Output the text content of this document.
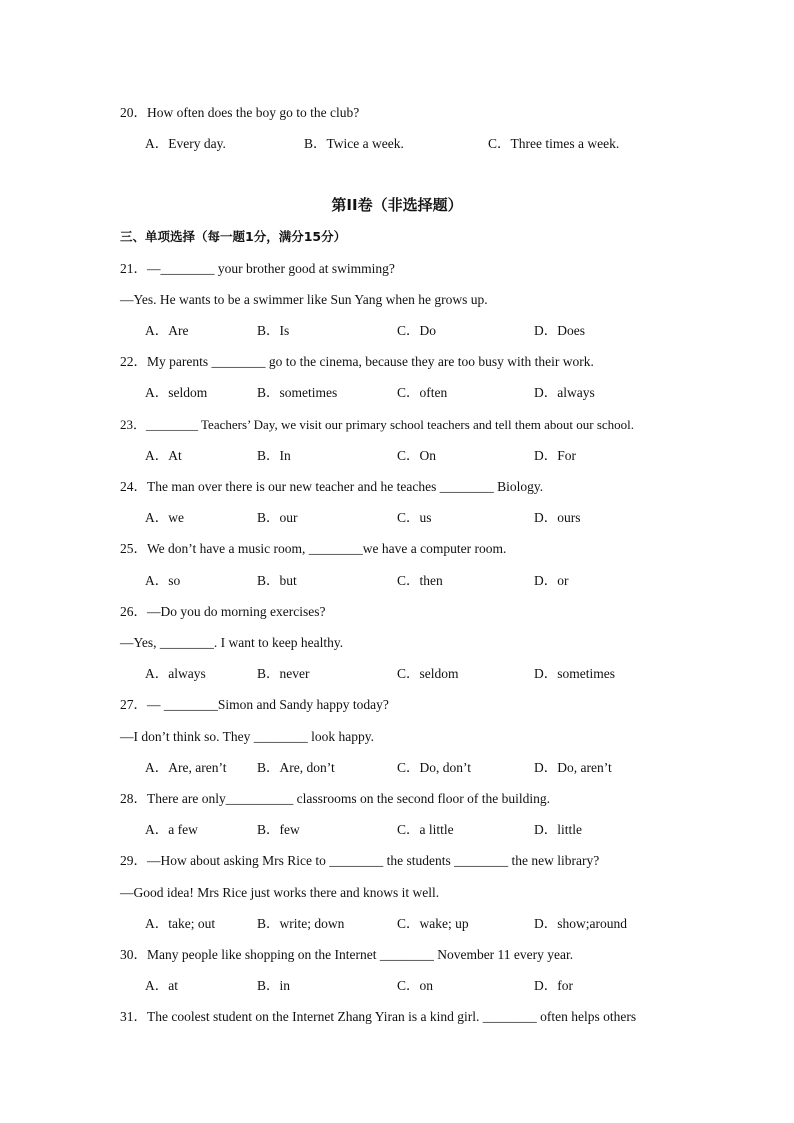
20．How often does the boy go to the club?
A．Every day.	B．Twice a week.	C．Three times a week.
第II卷（非选择题）
三、单项选择（每一题1分，满分15分）
21．—________ your brother good at swimming?
—Yes. He wants to be a swimmer like Sun Yang when he grows up.
A．Are	B．Is	C．Do	D．Does
22．My parents ________ go to the cinema, because they are too busy with their work.
A．seldom	B．sometimes	C．often	D．always
23．________ Teachers’ Day, we visit our primary school teachers and tell them about our school.
A．At	B．In	C．On	D．For
24．The man over there is our new teacher and he teaches ________ Biology.
A．we	B．our	C．us	D．ours
25．We don’t have a music room, ________we have a computer room.
A．so	B．but	C．then	D．or
26．—Do you do morning exercises?
—Yes, ________. I want to keep healthy.
A．always	B．never	C．seldom	D．sometimes
27．— ________Simon and Sandy happy today?
—I don’t think so. They ________ look happy.
A．Are, aren’t B．Are, don’t	C．Do, don’t	D．Do, aren’t
28．There are only__________ classrooms on the second floor of the building.
A．a few	B．few	C．a little	D．little
29．—How about asking Mrs Rice to ________ the students ________ the new library?
—Good idea! Mrs Rice just works there and knows it well.
A．take; out	B．write; down	C．wake; up	D．show;around
30．Many people like shopping on the Internet ________ November 11 every year.
A．at	B．in	C．on	D．for
31．The coolest student on the Internet Zhang Yiran is a kind girl. ________ often helps others
